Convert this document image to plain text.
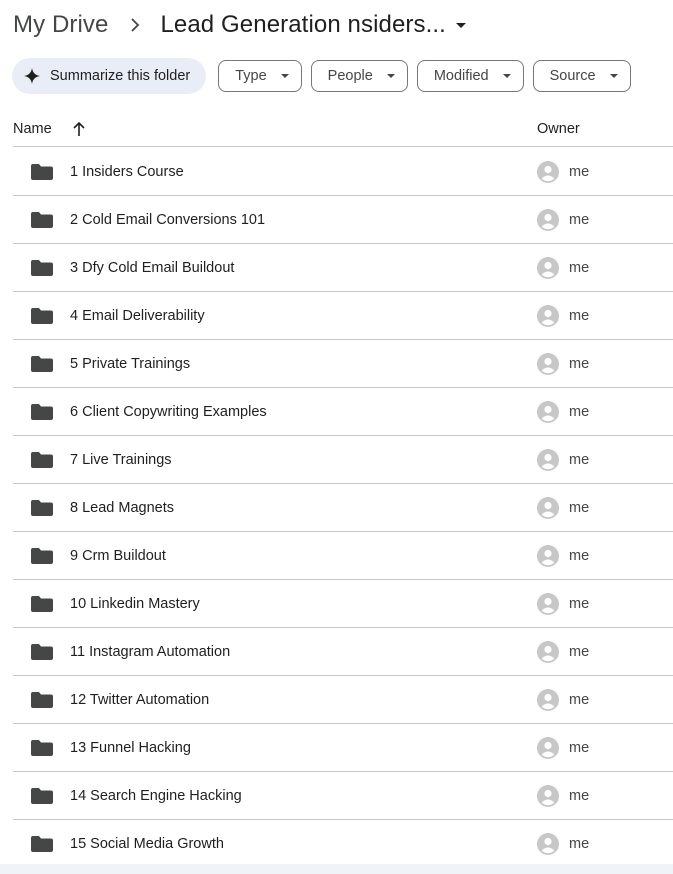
My Drive Lead Generation nsiders...
Summarize this folder	Type	People	Modified	Source
Name	Owner
1 Insiders Course	me
2 Cold Email Conversions 101	me
3 Dfy Cold Email Buildout	me
4 Email Deliverability	me
5 Private Trainings	me
6 Client Copywriting Examples	me
7 Live Trainings	me
8 Lead Magnets	me
9 Crm Buildout	me
10 Linkedin Mastery	me
11 Instagram Automation	me
12 Twitter Automation	me
13 Funnel Hacking	me
14 Search Engine Hacking	me
15 Social Media Growth	me
